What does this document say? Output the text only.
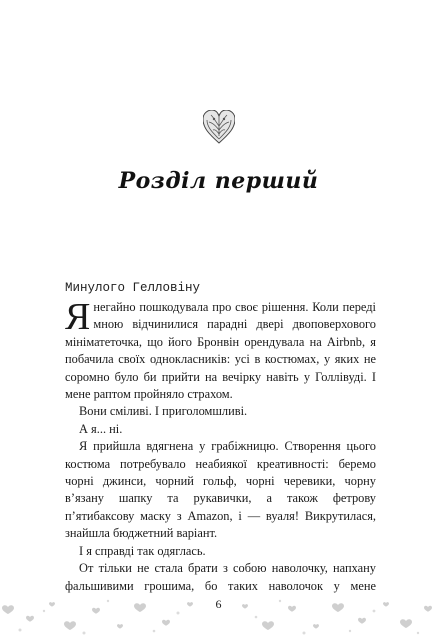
Розділ перший
Минулого Гелловіну

Янегайно пошкодувала про своє рішення. Коли переді мною відчинилися парадні двері двоповерхового мініматеточка, що його Бронвін орендувала на Airbnb, я побачила своїх однокласників: усі в костюмах, у яких не соромно було би прийти на вечірку навіть у Голлівуді. І мене раптом пройняло страхом.

Вони сміливі. І приголомшливі.

А я... ні.

Я прийшла вдягнена у грабіжницю. Створення цього костюма потребувало неабиякої креативності: беремо чорні джинси, чорний гольф, чорні черевики, чорну в’язану шапку та рукавички, а також фетрову п’ятибаксову маску з Amazon, і — вуаля! Викрутилася, знайшла бюджетний варіант.

І я справді так одяглась.

От тільки не стала брати з собою наволочку, напхану фальшивими грошима, бо таких наволочок у мене

6
